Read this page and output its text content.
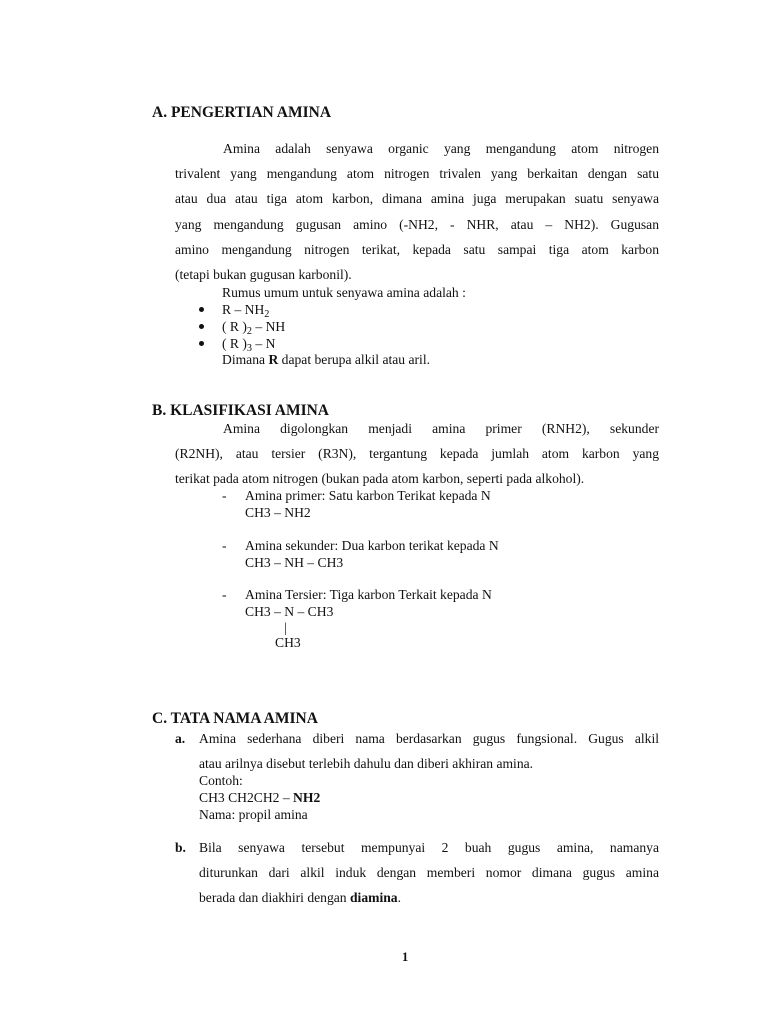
A. PENGERTIAN AMINA
Amina adalah senyawa organic yang mengandung atom nitrogen
trivalent yang mengandung atom nitrogen trivalen yang berkaitan dengan satu
atau dua atau tiga atom karbon, dimana amina juga merupakan suatu senyawa
yang mengandung gugusan amino (-NH2, - NHR, atau – NH2). Gugusan
amino mengandung nitrogen terikat, kepada satu sampai tiga atom karbon
(tetapi bukan gugusan karbonil).
Rumus umum untuk senyawa amina adalah :
R – $NH_2$
( R )$_2$ – NH
( R )$_3$ – N
Dimana R dapat berupa alkil atau aril.
B. KLASIFIKASI AMINA
Amina digolongkan menjadi amina primer (RNH2), sekunder
(R2NH), atau tersier (R3N), tergantung kepada jumlah atom karbon yang
terikat pada atom nitrogen (bukan pada atom karbon, seperti pada alkohol).
- Amina primer: Satu karbon Terikat kepada N
CH3 – NH2
- Amina sekunder: Dua karbon terikat kepada N
CH3 – NH – CH3
- Amina Tersier: Tiga karbon Terkait kepada N
CH3 – N – CH3
|
CH3
C. TATA NAMA AMINA
a. Amina sederhana diberi nama berdasarkan gugus fungsional. Gugus alkil
atau arilnya disebut terlebih dahulu dan diberi akhiran amina.
Contoh:
CH3 CH2CH2 – NH2
Nama: propil amina
b. Bila senyawa tersebut mempunyai 2 buah gugus amina, namanya
diturunkan dari alkil induk dengan memberi nomor dimana gugus amina
berada dan diakhiri dengan diamina.
1
